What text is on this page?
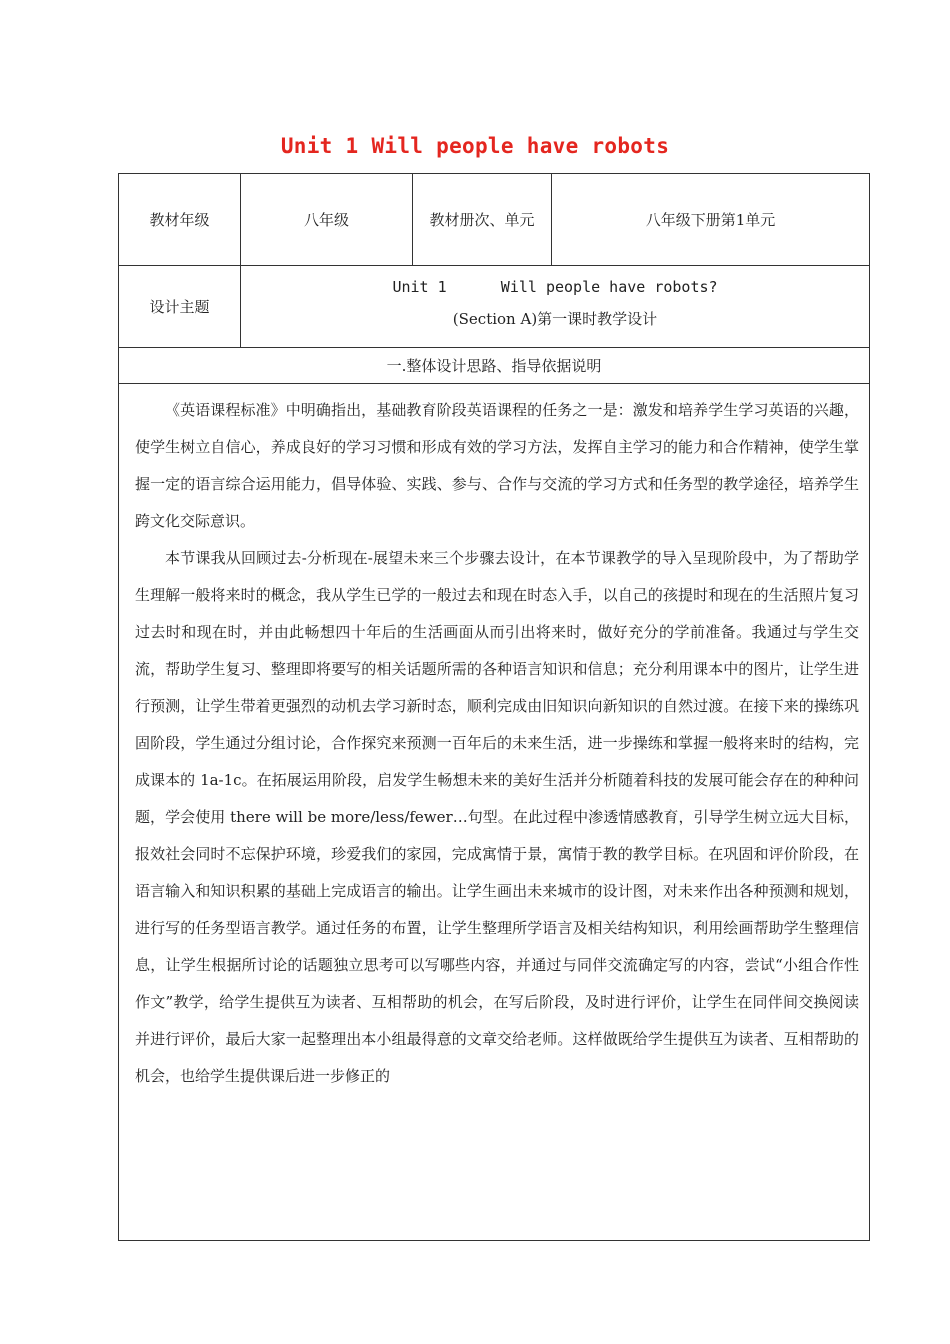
Unit 1 Will people have robots
教材年级	八年级	教材册次、单元	八年级下册第1单元
设计主题	Unit 1      Will people have robots?
(Section A)第一课时教学设计		

一.整体设计思路、指导依据说明			

《英语课程标准》中明确指出，基础教育阶段英语课程的任务之一是：激发和培养学生学习英语的兴趣，使学生树立自信心，养成良好的学习习惯和形成有效的学习方法，发挥自主学习的能力和合作精神，使学生掌握一定的语言综合运用能力，倡导体验、实践、参与、合作与交流的学习方式和任务型的教学途径，培养学生跨文化交际意识。

本节课我从回顾过去-分析现在-展望未来三个步骤去设计，在本节课教学的导入呈现阶段中，为了帮助学生理解一般将来时的概念，我从学生已学的一般过去和现在时态入手，以自己的孩提时和现在的生活照片复习过去时和现在时，并由此畅想四十年后的生活画面从而引出将来时，做好充分的学前准备。我通过与学生交流，帮助学生复习、整理即将要写的相关话题所需的各种语言知识和信息；充分利用课本中的图片，让学生进行预测，让学生带着更强烈的动机去学习新时态，顺利完成由旧知识向新知识的自然过渡。在接下来的操练巩固阶段，学生通过分组讨论，合作探究来预测一百年后的未来生活，进一步操练和掌握一般将来时的结构，完成课本的 1a-1c。在拓展运用阶段，启发学生畅想未来的美好生活并分析随着科技的发展可能会存在的种种问题，学会使用 there will be more/less/fewer…句型。在此过程中渗透情感教育，引导学生树立远大目标，报效社会同时不忘保护环境，珍爱我们的家园，完成寓情于景，寓情于教的教学目标。在巩固和评价阶段，在语言输入和知识积累的基础上完成语言的输出。让学生画出未来城市的设计图，对未来作出各种预测和规划，进行写的任务型语言教学。通过任务的布置，让学生整理所学语言及相关结构知识，利用绘画帮助学生整理信息，让学生根据所讨论的话题独立思考可以写哪些内容，并通过与同伴交流确定写的内容，尝试“小组合作性作文”教学，给学生提供互为读者、互相帮助的机会，在写后阶段，及时进行评价，让学生在同伴间交换阅读并进行评价，最后大家一起整理出本小组最得意的文章交给老师。这样做既给学生提供互为读者、互相帮助的机会，也给学生提供课后进一步修正的			
